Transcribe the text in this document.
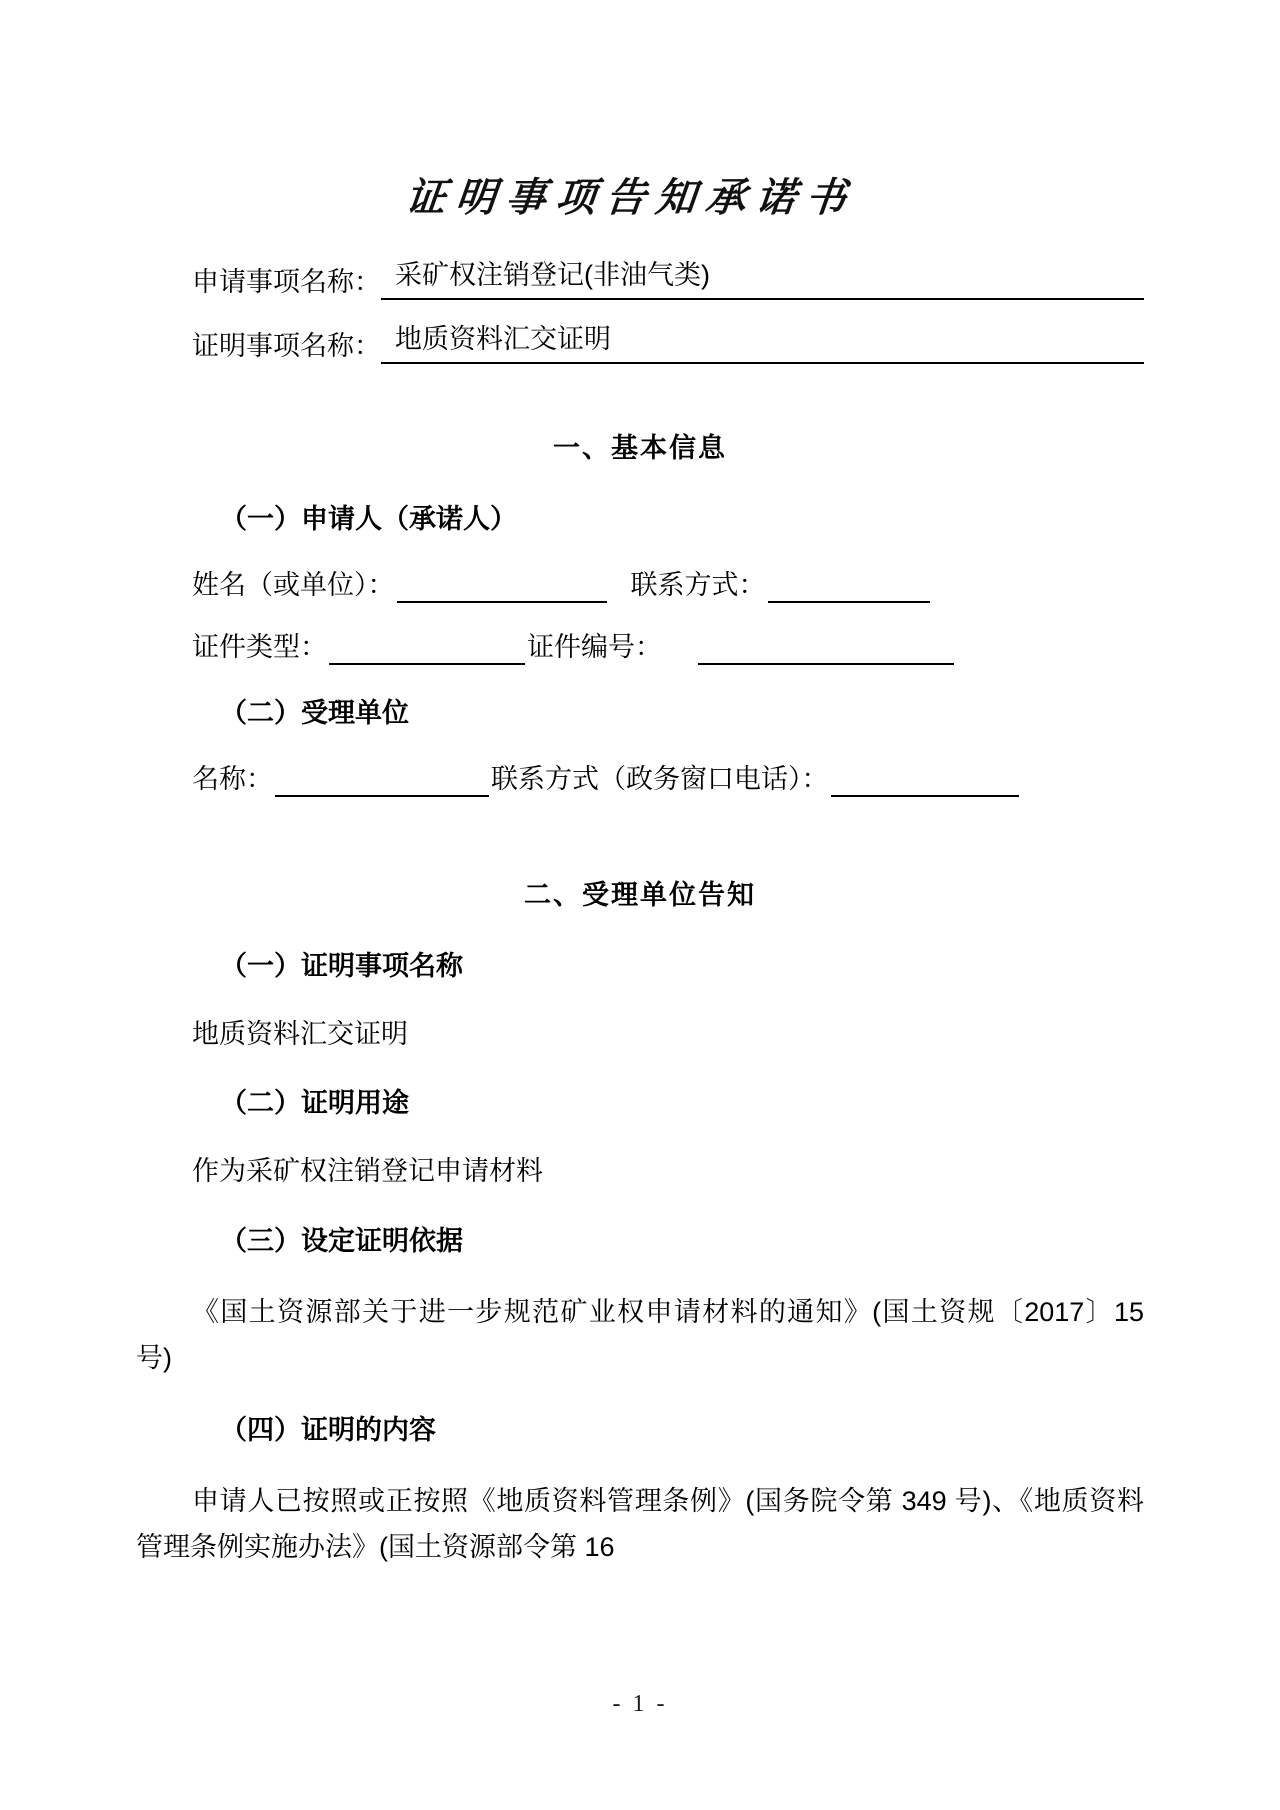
证明事项告知承诺书
申请事项名称： 采矿权注销登记(非油气类)
证明事项名称： 地质资料汇交证明
一、基本信息
（一）申请人（承诺人）
姓名（或单位）：	联系方式：
证件类型：	证件编号：
（二）受理单位
名称：	联系方式（政务窗口电话）：
二、受理单位告知
（一）证明事项名称

地质资料汇交证明

（二）证明用途

作为采矿权注销登记申请材料

（三）设定证明依据

《国土资源部关于进一步规范矿业权申请材料的通知》(国土资规〔2017〕15 号)

（四）证明的内容

申请人已按照或正按照《地质资料管理条例》(国务院令第 349 号)、《地质资料管理条例实施办法》(国土资源部令第 16

- 1 -
